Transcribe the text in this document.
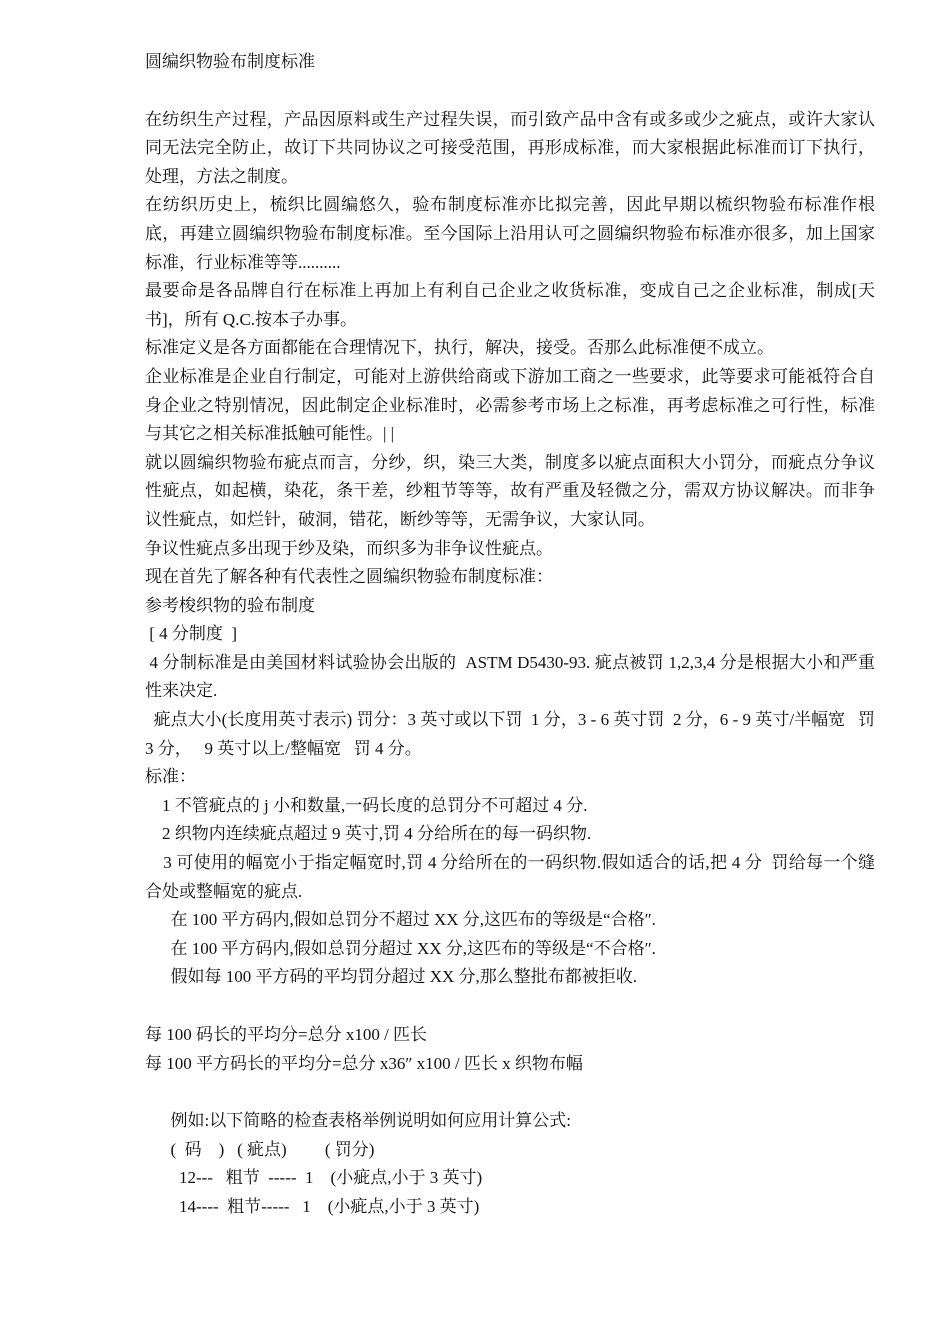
圆编织物验布制度标准
在纺织生产过程，产品因原料或生产过程失误，而引致产品中含有或多或少之疵点，或许大家认同无法完全防止，故订下共同协议之可接受范围，再形成标准，而大家根据此标准而订下执行，处理，方法之制度。
在纺织历史上，梳织比圆编悠久，验布制度标准亦比拟完善，因此早期以梳织物验布标准作根底，再建立圆编织物验布制度标准。至今国际上沿用认可之圆编织物验布标准亦很多，加上国家标准，行业标准等等..........
最要命是各品牌自行在标准上再加上有利自己企业之收货标准，变成自己之企业标准，制成[天书]，所有 Q.C.按本子办事。
标准定义是各方面都能在合理情况下，执行，解决，接受。否那么此标准便不成立。
企业标准是企业自行制定，可能对上游供给商或下游加工商之一些要求，此等要求可能祗符合自身企业之特别情况，因此制定企业标准时，必需参考市场上之标准，再考虑标准之可行性，标准与其它之相关标准抵触可能性。| |
就以圆编织物验布疵点而言，分纱，织，染三大类，制度多以疵点面积大小罚分，而疵点分争议性疵点，如起横，染花，条干差，纱粗节等等，故有严重及轻微之分，需双方协议解决。而非争议性疵点，如烂针，破洞，错花，断纱等等，无需争议，大家认同。
争议性疵点多出现于纱及染，而织多为非争议性疵点。
现在首先了解各种有代表性之圆编织物验布制度标准：
参考梭织物的验布制度
[ 4 分制度  ]
4 分制标准是由美国材料试验协会出版的  ASTM D5430-93. 疵点被罚 1,2,3,4 分是根据大小和严重性来决定.
疵点大小(长度用英寸表示) 罚分：3 英寸或以下罚  1 分，3 - 6 英寸罚  2 分，6 - 9 英寸/半幅宽   罚  3 分，   9 英寸以上/整幅宽   罚 4 分。
标准：
1 不管疵点的 j 小和数量,一码长度的总罚分不可超过 4 分.
2 织物内连续疵点超过 9 英寸,罚 4 分给所在的每一码织物.
3 可使用的幅宽小于指定幅宽时,罚 4 分给所在的一码织物.假如适合的话,把 4 分  罚给每一个缝合处或整幅宽的疵点.
在 100 平方码内,假如总罚分不超过 XX 分,这匹布的等级是“合格″.
在 100 平方码内,假如总罚分超过 XX 分,这匹布的等级是“不合格″.
假如每 100 平方码的平均罚分超过 XX 分,那么整批布都被拒收.
每 100 码长的平均分=总分 x100 / 匹长
每 100 平方码长的平均分=总分 x36″ x100 / 匹长 x 织物布幅
例如:以下简略的检查表格举例说明如何应用计算公式:
(  码    )   ( 疵点)         ( 罚分)
12---   粗节  -----  1    (小疵点,小于 3 英寸)
14----  粗节-----   1    (小疵点,小于 3 英寸)
